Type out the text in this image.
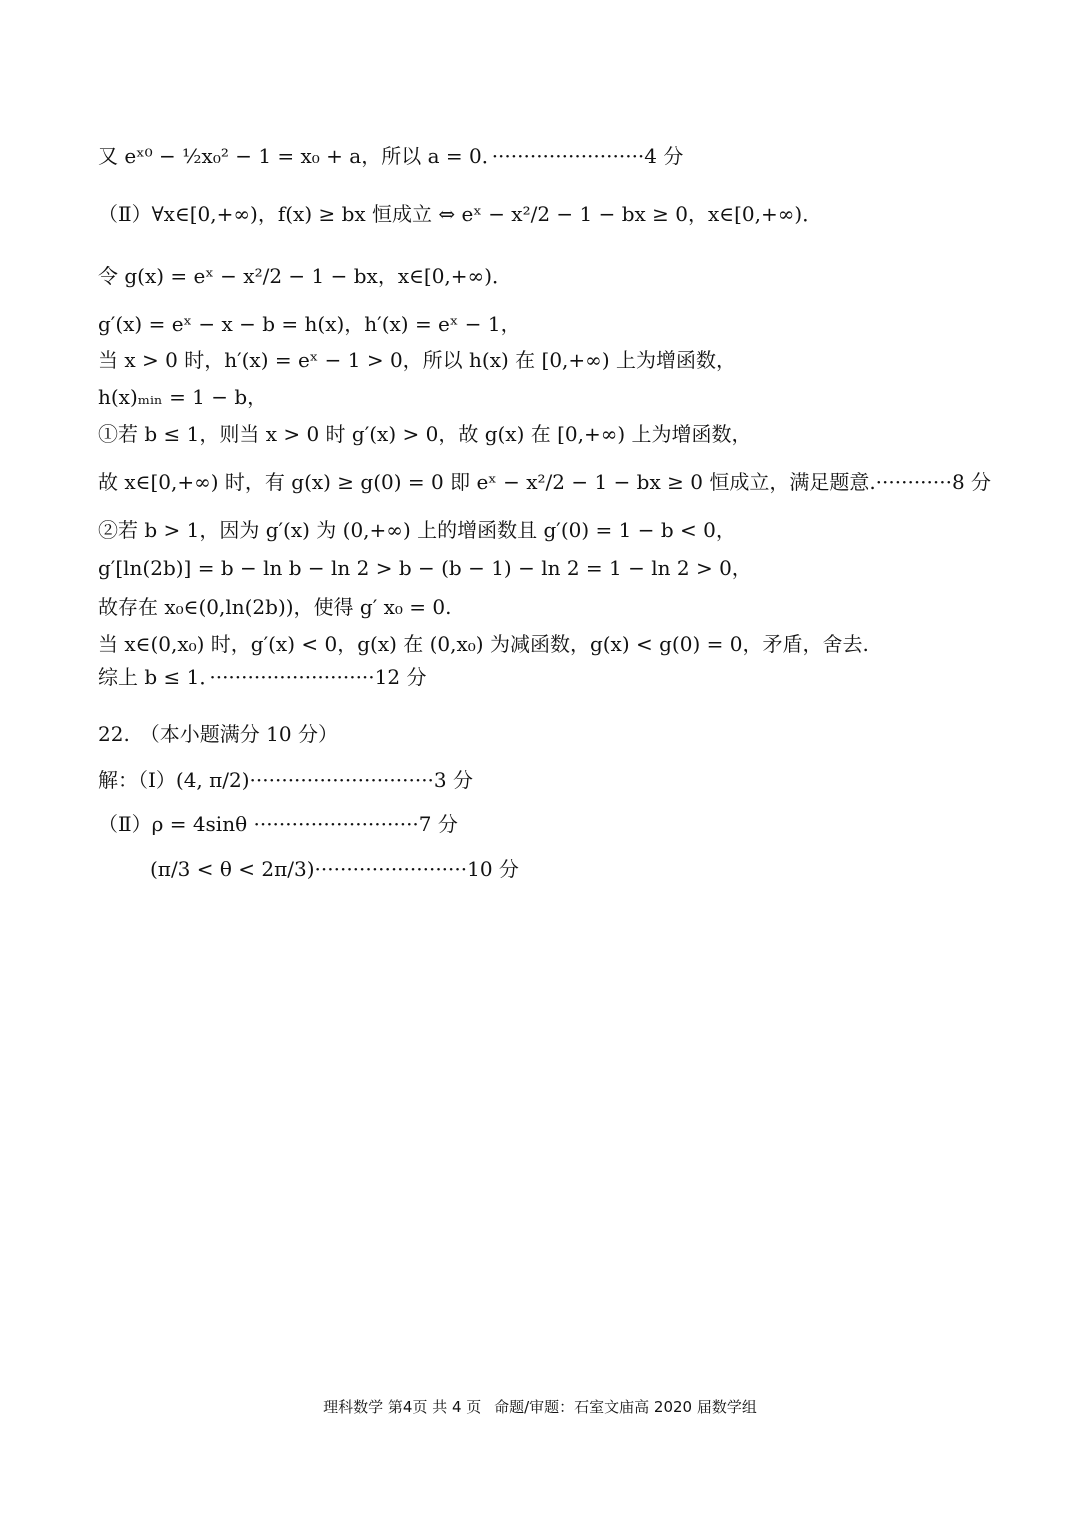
又 eˣ⁰ − ½x₀² − 1 = x₀ + a，所以 a = 0．························4 分
（Ⅱ）∀x∈[0,+∞)，f(x) ≥ bx 恒成立 ⇔ eˣ − x²/2 − 1 − bx ≥ 0，x∈[0,+∞)．
令 g(x) = eˣ − x²/2 − 1 − bx，x∈[0,+∞)．
g′(x) = eˣ − x − b = h(x)，h′(x) = eˣ − 1，
当 x > 0 时，h′(x) = eˣ − 1 > 0，所以 h(x) 在 [0,+∞) 上为增函数，
h(x)ₘᵢₙ = 1 − b，
①若 b ≤ 1，则当 x > 0 时 g′(x) > 0，故 g(x) 在 [0,+∞) 上为增函数，
故 x∈[0,+∞) 时，有 g(x) ≥ g(0) = 0 即 eˣ − x²/2 − 1 − bx ≥ 0 恒成立，满足题意.············8 分
②若 b > 1，因为 g′(x) 为 (0,+∞) 上的增函数且 g′(0) = 1 − b < 0，
g′[ln(2b)] = b − ln b − ln 2 > b − (b − 1) − ln 2 = 1 − ln 2 > 0，
故存在 x₀∈(0,ln(2b))，使得 g′ x₀ = 0.
当 x∈(0,x₀) 时，g′(x) < 0，g(x) 在 (0,x₀) 为减函数，g(x) < g(0) = 0，矛盾，舍去.
综上 b ≤ 1．··························12 分
22.　（本小题满分 10 分）
解：（Ⅰ）(4, π/2)·····························3 分
（Ⅱ）ρ = 4sinθ ··························7 分
(π/3 < θ < 2π/3)························10 分
理科数学 第4页 共 4 页 命题/审题：石室文庙高 2020 届数学组
